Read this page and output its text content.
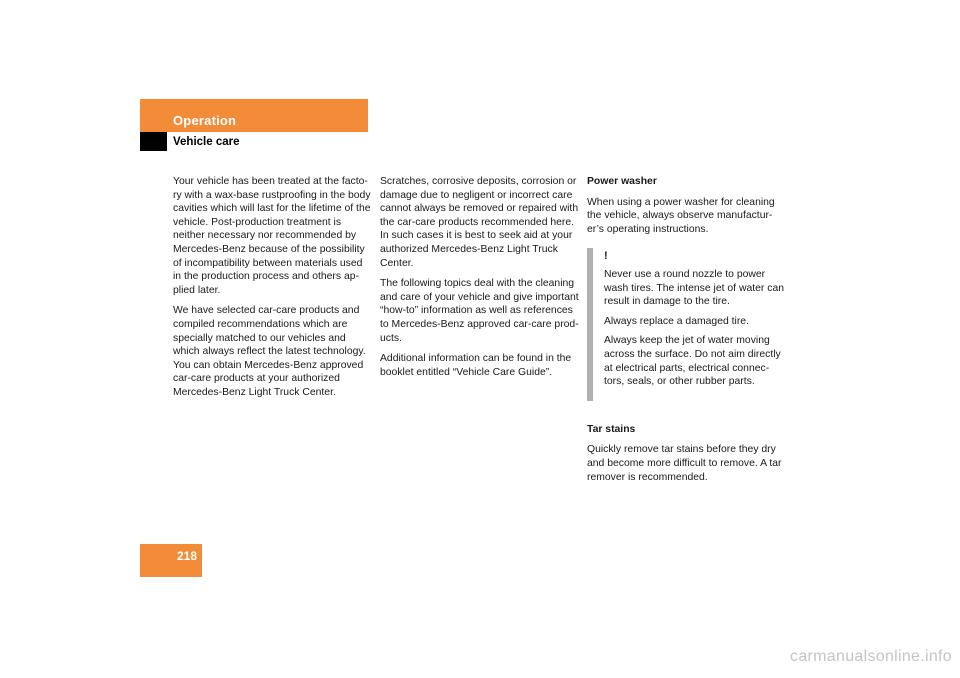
Operation
Vehicle care

Your vehicle has been treated at the facto-ry with a wax-base rustproofing in the body cavities which will last for the lifetime of the vehicle. Post-production treatment is neither necessary nor recommended by Mercedes-Benz because of the possibility of incompatibility between materials used in the production process and others ap-plied later.

We have selected car-care products and compiled recommendations which are specially matched to our vehicles and which always reflect the latest technology. You can obtain Mercedes-Benz approved car-care products at your authorized Mercedes-Benz Light Truck Center.

Scratches, corrosive deposits, corrosion or damage due to negligent or incorrect care cannot always be removed or repaired with the car-care products recommended here. In such cases it is best to seek aid at your authorized Mercedes-Benz Light Truck Center.

The following topics deal with the cleaning and care of your vehicle and give important “how-to” information as well as references to Mercedes-Benz approved car-care prod-ucts.

Additional information can be found in the booklet entitled “Vehicle Care Guide”.

Power washer

When using a power washer for cleaning the vehicle, always observe manufactur-er’s operating instructions.

!

Never use a round nozzle to power wash tires. The intense jet of water can result in damage to the tire.

Always replace a damaged tire.

Always keep the jet of water moving across the surface. Do not aim directly at electrical parts, electrical connec-tors, seals, or other rubber parts.

Tar stains

Quickly remove tar stains before they dry and become more difficult to remove. A tar remover is recommended.

218
carmanualsonline.info
